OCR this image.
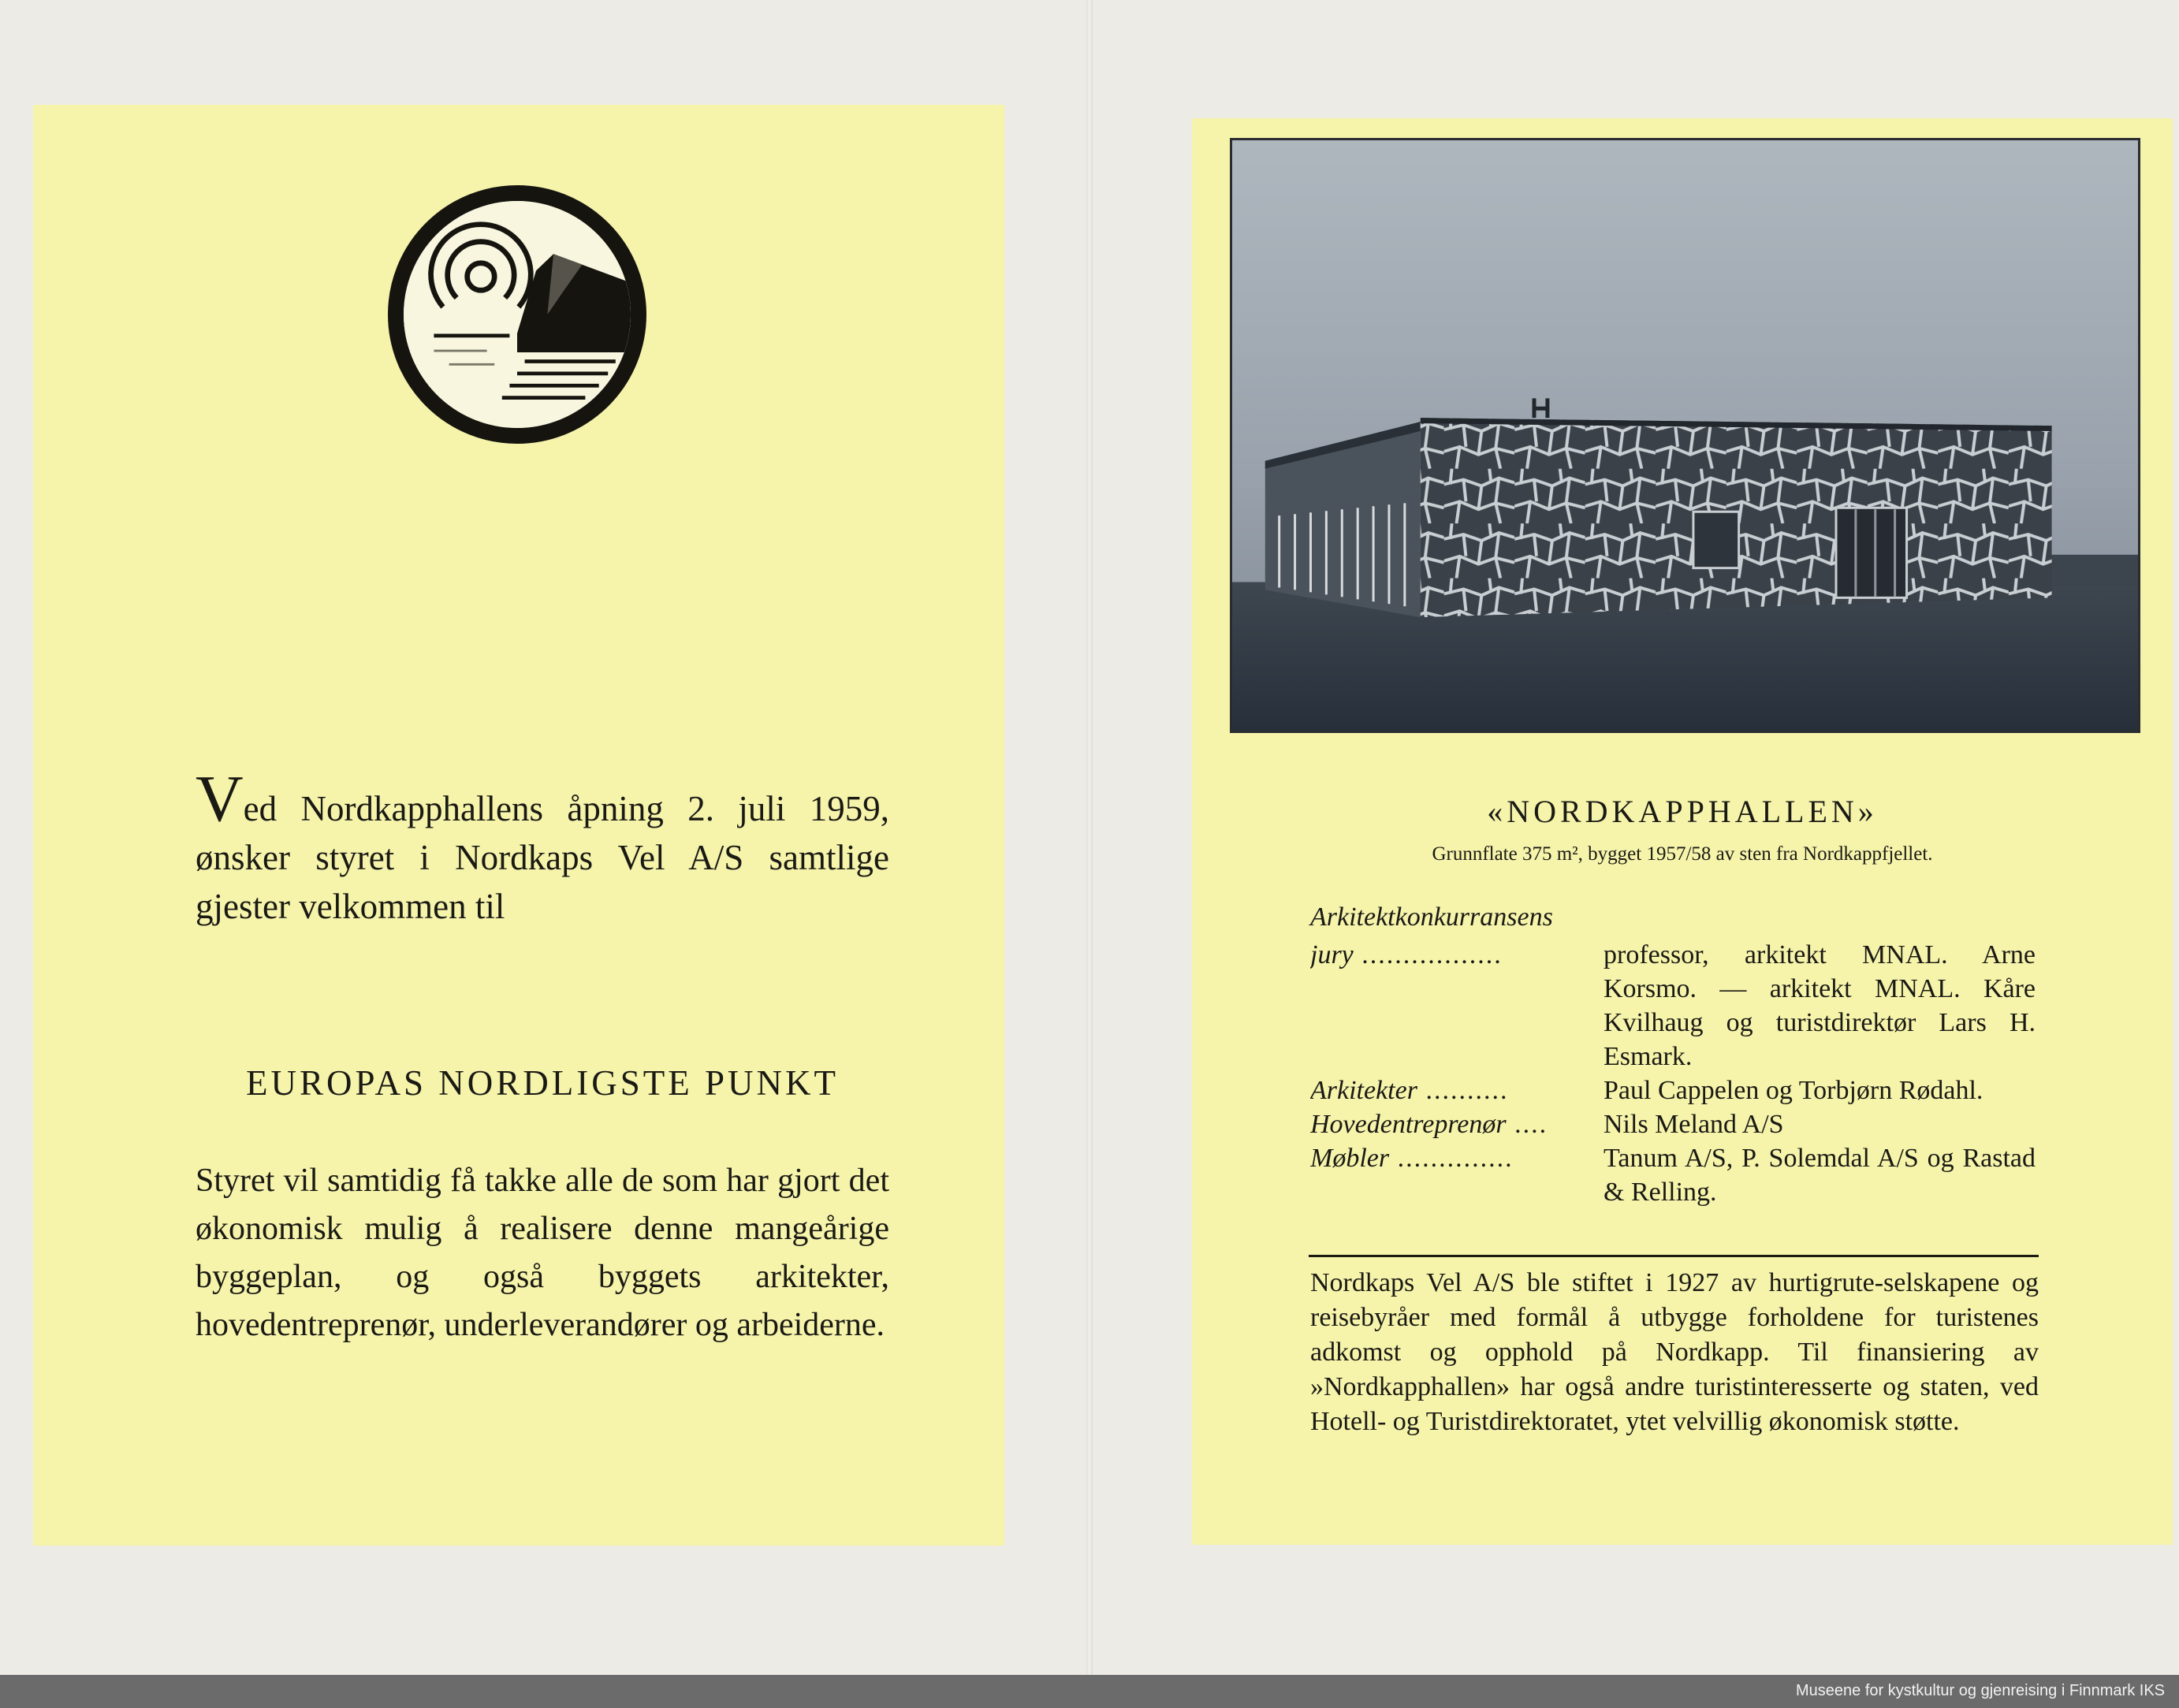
Ved Nordkapphallens åpning 2. juli 1959, ønsker styret i Nordkaps Vel A/S samtlige gjester velkommen til
EUROPAS NORDLIGSTE PUNKT
Styret vil samtidig få takke alle de som har gjort det økonomisk mulig å realisere denne mangeårige byggeplan, og også byggets arkitekter, hovedentreprenør, underleverandører og arbeiderne.
«NORDKAPPHALLEN»
Grunnflate 375 m², bygget 1957/58 av sten fra Nordkappfjellet.
Arkitektkonkurransens
jury .................	professor, arkitekt MNAL. Arne Korsmo. — arkitekt MNAL. Kåre Kvilhaug og turistdirektør Lars H. Esmark.
Arkitekter ..........	Paul Cappelen og Torbjørn Rødahl.
Hovedentreprenør ....	Nils Meland A/S
Møbler ..............	Tanum A/S, P. Solemdal A/S og Rastad & Relling.
Nordkaps Vel A/S ble stiftet i 1927 av hurtigrute-selskapene og reisebyråer med formål å utbygge forholdene for turistenes adkomst og opphold på Nordkapp. Til finansiering av »Nordkapphallen» har også andre turistinteresserte og staten, ved Hotell- og Turistdirektoratet, ytet velvillig økonomisk støtte.
Museene for kystkultur og gjenreising i Finnmark IKS
